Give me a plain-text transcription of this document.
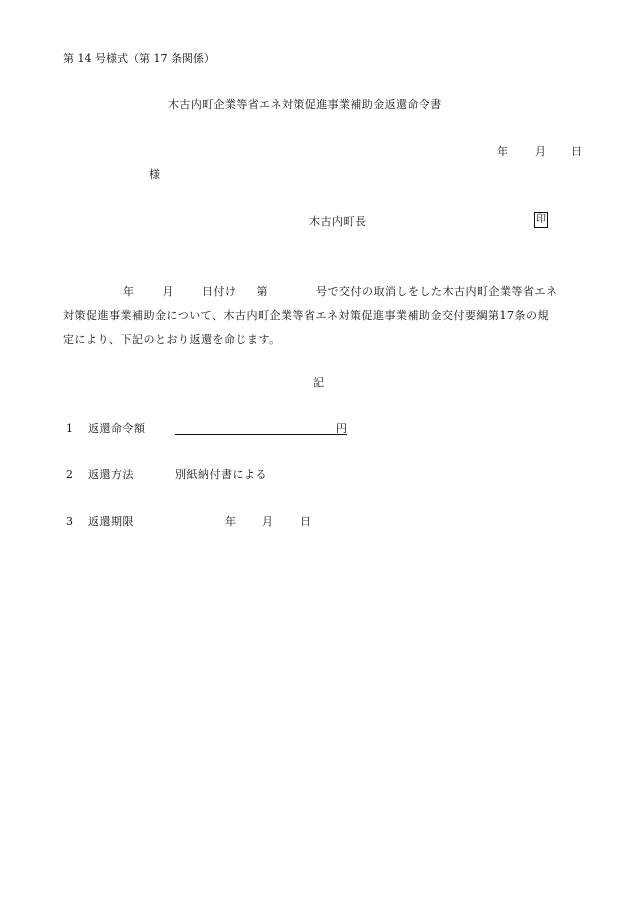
第 14 号様式（第 17 条関係）
木古内町企業等省エネ対策促進事業補助金返還命令書
年 月 日
様
木古内町長	印
年	月	日付け 第	号で交付の取消しをした木古内町企業等省エネ
対策促進事業補助金について、木古内町企業等省エネ対策促進事業補助金交付要綱第17条の規
定により、下記のとおり返還を命じます。
記
1 返還命令額	円
2 返還方法	別紙納付書による
3 返還期限	年 月 日
